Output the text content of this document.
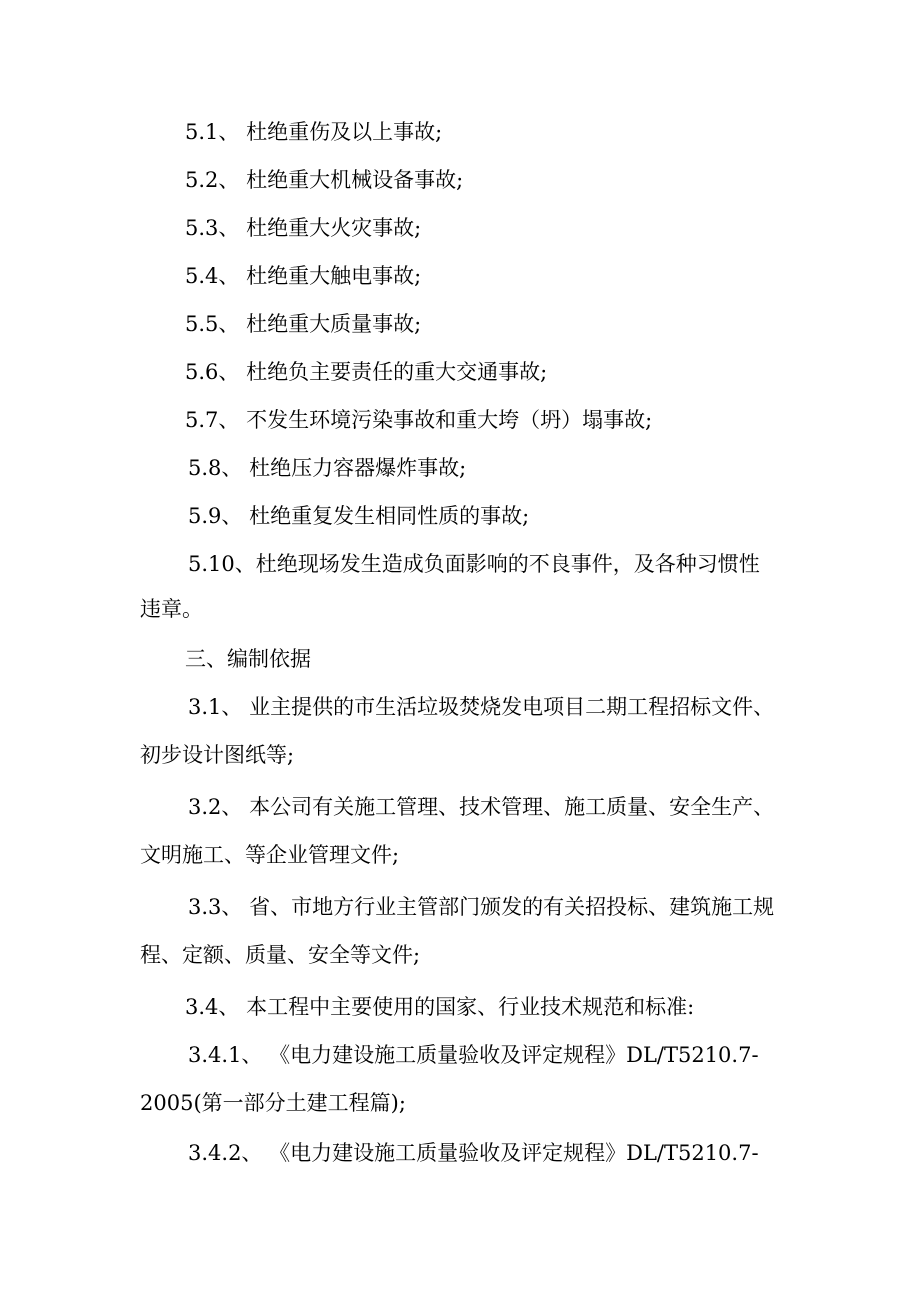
5.1、 杜绝重伤及以上事故;
5.2、 杜绝重大机械设备事故;
5.3、 杜绝重大火灾事故;
5.4、 杜绝重大触电事故;
5.5、 杜绝重大质量事故;
5.6、 杜绝负主要责任的重大交通事故;
5.7、 不发生环境污染事故和重大垮（坍）塌事故;
5.8、 杜绝压力容器爆炸事故;
5.9、 杜绝重复发生相同性质的事故;
5.10、杜绝现场发生造成负面影响的不良事件，及各种习惯性
违章。
三、编制依据
3.1、 业主提供的市生活垃圾焚烧发电项目二期工程招标文件、
初步设计图纸等;
3.2、 本公司有关施工管理、技术管理、施工质量、安全生产、
文明施工、等企业管理文件;
3.3、 省、市地方行业主管部门颁发的有关招投标、建筑施工规
程、定额、质量、安全等文件;
3.4、 本工程中主要使用的国家、行业技术规范和标准:
3.4.1、 《电力建设施工质量验收及评定规程》DL/T5210.7-
2005(第一部分土建工程篇);
3.4.2、 《电力建设施工质量验收及评定规程》DL/T5210.7-
